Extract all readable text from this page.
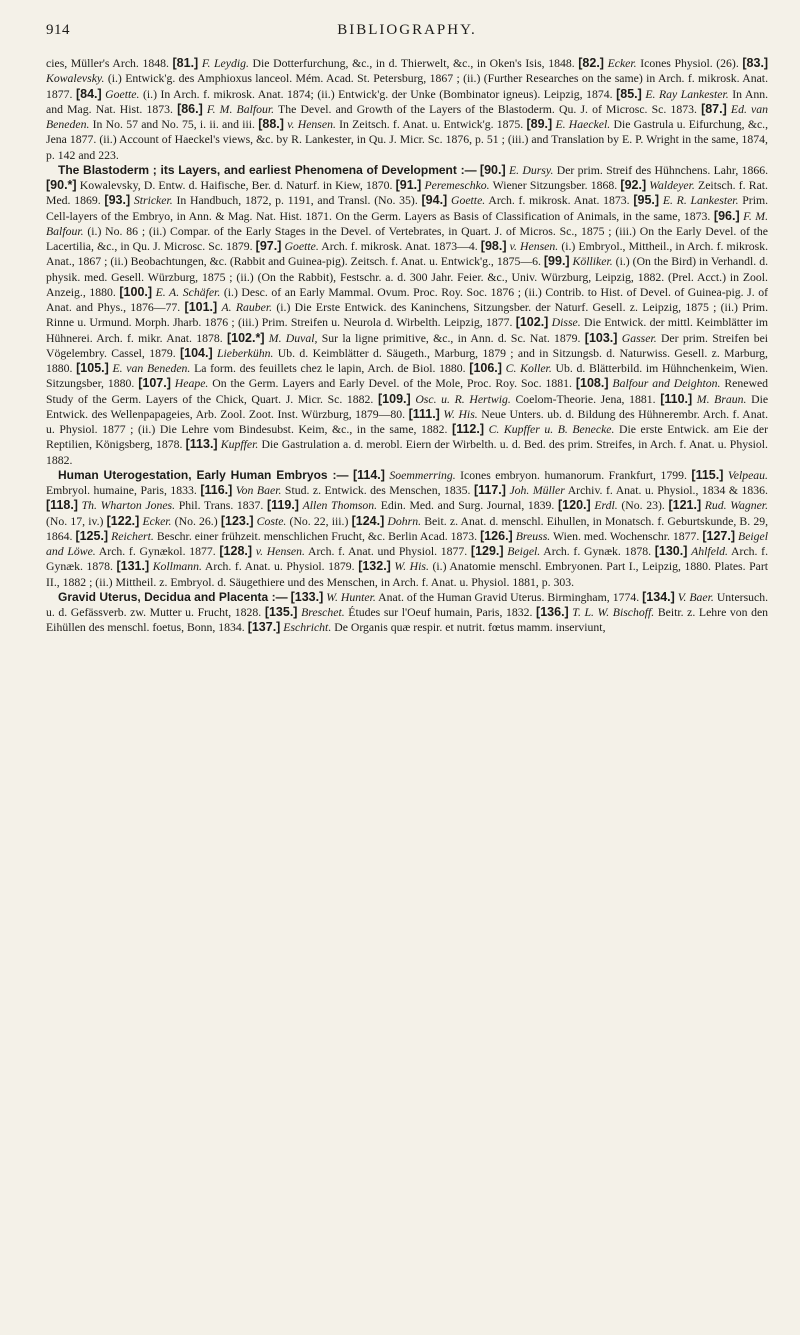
914	BIBLIOGRAPHY.

cies, Müller's Arch. 1848. [81.] F. Leydig. Die Dotterfurchung, &c., in d. Thierwelt, &c., in Oken's Isis, 1848. [82.] Ecker. Icones Physiol. (26). [83.] Kowalevsky. (i.) Entwick'g. des Amphioxus lanceol. Mém. Acad. St. Petersburg, 1867 ; (ii.) (Further Researches on the same) in Arch. f. mikrosk. Anat. 1877. [84.] Goette. (i.) In Arch. f. mikrosk. Anat. 1874; (ii.) Entwick'g. der Unke (Bombinator igneus). Leipzig, 1874. [85.] E. Ray Lankester. In Ann. and Mag. Nat. Hist. 1873. [86.] F. M. Balfour. The Devel. and Growth of the Layers of the Blastoderm. Qu. J. of Microsc. Sc. 1873. [87.] Ed. van Beneden. In No. 57 and No. 75, i. ii. and iii. [88.] v. Hensen. In Zeitsch. f. Anat. u. Entwick'g. 1875. [89.] E. Haeckel. Die Gastrula u. Eifurchung, &c., Jena 1877. (ii.) Account of Haeckel's views, &c. by R. Lankester, in Qu. J. Micr. Sc. 1876, p. 51 ; (iii.) and Translation by E. P. Wright in the same, 1874, p. 142 and 223.

The Blastoderm ; its Layers, and earliest Phenomena of Development :— [90.] E. Dursy. Der prim. Streif des Hühnchens. Lahr, 1866. [90.*] Kowalevsky, D. Entw. d. Haifische, Ber. d. Naturf. in Kiew, 1870. [91.] Peremeschko. Wiener Sitzungsber. 1868. [92.] Waldeyer. Zeitsch. f. Rat. Med. 1869. [93.] Stricker. In Handbuch, 1872, p. 1191, and Transl. (No. 35). [94.] Goette. Arch. f. mikrosk. Anat. 1873. [95.] E. R. Lankester. Prim. Cell-layers of the Embryo, in Ann. & Mag. Nat. Hist. 1871. On the Germ. Layers as Basis of Classification of Animals, in the same, 1873. [96.] F. M. Balfour. (i.) No. 86 ; (ii.) Compar. of the Early Stages in the Devel. of Vertebrates, in Quart. J. of Micros. Sc., 1875 ; (iii.) On the Early Devel. of the Lacertilia, &c., in Qu. J. Microsc. Sc. 1879. [97.] Goette. Arch. f. mikrosk. Anat. 1873—4. [98.] v. Hensen. (i.) Embryol., Mittheil., in Arch. f. mikrosk. Anat., 1867 ; (ii.) Beobachtungen, &c. (Rabbit and Guinea-pig). Zeitsch. f. Anat. u. Entwick'g., 1875—6. [99.] Kölliker. (i.) (On the Bird) in Verhandl. d. physik. med. Gesell. Würzburg, 1875 ; (ii.) (On the Rabbit), Festschr. a. d. 300 Jahr. Feier. &c., Univ. Würzburg, Leipzig, 1882. (Prel. Acct.) in Zool. Anzeig., 1880. [100.] E. A. Schäfer. (i.) Desc. of an Early Mammal. Ovum. Proc. Roy. Soc. 1876 ; (ii.) Contrib. to Hist. of Devel. of Guinea-pig. J. of Anat. and Phys., 1876—77. [101.] A. Rauber. (i.) Die Erste Entwick. des Kaninchens, Sitzungsber. der Naturf. Gesell. z. Leipzig, 1875 ; (ii.) Prim. Rinne u. Urmund. Morph. Jharb. 1876 ; (iii.) Prim. Streifen u. Neurola d. Wirbelth. Leipzig, 1877. [102.] Disse. Die Entwick. der mittl. Keimblätter im Hühnerei. Arch. f. mikr. Anat. 1878. [102.*] M. Duval, Sur la ligne primitive, &c., in Ann. d. Sc. Nat. 1879. [103.] Gasser. Der prim. Streifen bei Vögelembry. Cassel, 1879. [104.] Lieberkühn. Ub. d. Keimblätter d. Säugeth., Marburg, 1879 ; and in Sitzungsb. d. Naturwiss. Gesell. z. Marburg, 1880. [105.] E. van Beneden. La form. des feuillets chez le lapin, Arch. de Biol. 1880. [106.] C. Koller. Ub. d. Blätterbild. im Hühnchenkeim, Wien. Sitzungsber, 1880. [107.] Heape. On the Germ. Layers and Early Devel. of the Mole, Proc. Roy. Soc. 1881. [108.] Balfour and Deighton. Renewed Study of the Germ. Layers of the Chick, Quart. J. Micr. Sc. 1882. [109.] Osc. u. R. Hertwig. Coelom-Theorie. Jena, 1881. [110.] M. Braun. Die Entwick. des Wellenpapageies, Arb. Zool. Zoot. Inst. Würzburg, 1879—80. [111.] W. His. Neue Unters. ub. d. Bildung des Hühnerembr. Arch. f. Anat. u. Physiol. 1877 ; (ii.) Die Lehre vom Bindesubst. Keim, &c., in the same, 1882. [112.] C. Kupffer u. B. Benecke. Die erste Entwick. am Eie der Reptilien, Königsberg, 1878. [113.] Kupffer. Die Gastrulation a. d. merobl. Eiern der Wirbelth. u. d. Bed. des prim. Streifes, in Arch. f. Anat. u. Physiol. 1882.

Human Uterogestation, Early Human Embryos :— [114.] Soemmerring. Icones embryon. humanorum. Frankfurt, 1799. [115.] Velpeau. Embryol. humaine, Paris, 1833. [116.] Von Baer. Stud. z. Entwick. des Menschen, 1835. [117.] Joh. Müller Archiv. f. Anat. u. Physiol., 1834 & 1836. [118.] Th. Wharton Jones. Phil. Trans. 1837. [119.] Allen Thomson. Edin. Med. and Surg. Journal, 1839. [120.] Erdl. (No. 23). [121.] Rud. Wagner. (No. 17, iv.) [122.] Ecker. (No. 26.) [123.] Coste. (No. 22, iii.) [124.] Dohrn. Beit. z. Anat. d. menschl. Eihullen, in Monatsch. f. Geburtskunde, B. 29, 1864. [125.] Reichert. Beschr. einer frühzeit. menschlichen Frucht, &c. Berlin Acad. 1873. [126.] Breuss. Wien. med. Wochenschr. 1877. [127.] Beigel and Löwe. Arch. f. Gynækol. 1877. [128.] v. Hensen. Arch. f. Anat. und Physiol. 1877. [129.] Beigel. Arch. f. Gynæk. 1878. [130.] Ahlfeld. Arch. f. Gynæk. 1878. [131.] Kollmann. Arch. f. Anat. u. Physiol. 1879. [132.] W. His. (i.) Anatomie menschl. Embryonen. Part I., Leipzig, 1880. Plates. Part II., 1882 ; (ii.) Mittheil. z. Embryol. d. Säugethiere und des Menschen, in Arch. f. Anat. u. Physiol. 1881, p. 303.

Gravid Uterus, Decidua and Placenta :— [133.] W. Hunter. Anat. of the Human Gravid Uterus. Birmingham, 1774. [134.] V. Baer. Untersuch. u. d. Gefässverb. zw. Mutter u. Frucht, 1828. [135.] Breschet. Études sur l'Oeuf humain, Paris, 1832. [136.] T. L. W. Bischoff. Beitr. z. Lehre von den Eihüllen des menschl. foetus, Bonn, 1834. [137.] Eschricht. De Organis quæ respir. et nutrit. fœtus mamm. inserviunt,
